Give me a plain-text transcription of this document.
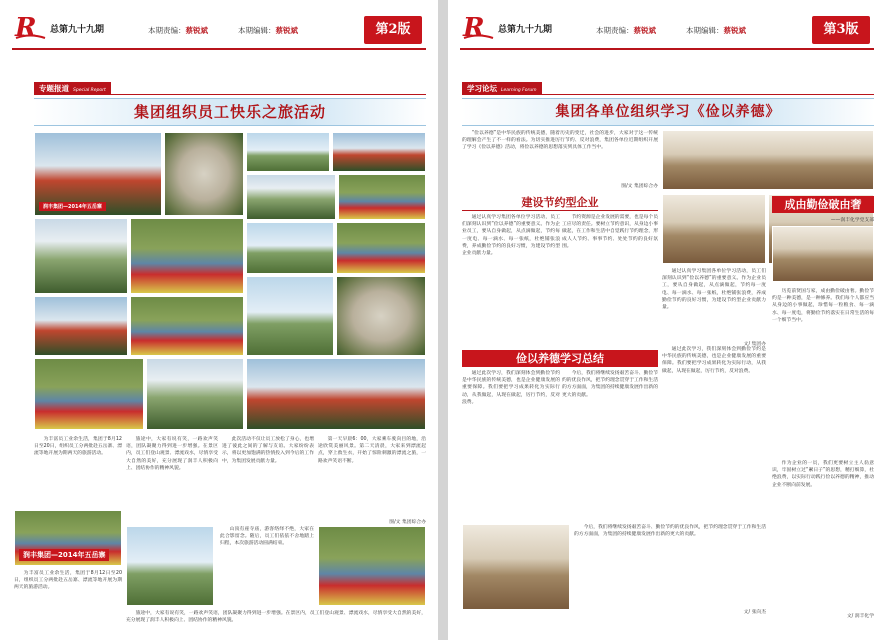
R 总第九十九期	本期责编：蔡锐斌	本期编辑：蔡锐斌	第2版
专题报道 Special Report
集团组织员工快乐之旅活动
润丰集团—2014年五岳寨

为丰富员工业余生活，集团于8月12日至20日，组织员工分两批赴五岳寨、漂流等地开展为期两天的旅游活动。

旅途中，大家有说有笑，一路欢声笑语，团队凝聚力得到进一步增强。在景区内，员工们登山观景、漂流戏水，尽情享受大自然的美好，充分展现了润丰人积极向上、团结协作的精神风貌。

此次活动不仅让员工放松了身心，也增进了彼此之间的了解与友谊。大家纷纷表示，将以更加饱满的热情投入到今后的工作中，为集团发展贡献力量。

第一天早晨6：00，大家乘车驶向目的地，沿途欣赏美丽风景。第二天清晨，大家来到漂流起点，穿上救生衣，开始了惊险刺激的漂流之旅，一路欢声笑语不断。

图/文 集团综合办
润丰集团—2014年五岳寨

山顶有座寺庙，游客络绎不绝，大家在此合影留念。随后，员工们依依不舍地踏上归程，本次旅游活动圆满结束。

为丰富员工业余生活，集团于8月12日至20日，组织员工分两批赴五岳寨、漂流等地开展为期两天的旅游活动。

旅途中，大家有说有笑，一路欢声笑语，团队凝聚力得到进一步增强。在景区内，员工们登山观景、漂流戏水，尽情享受大自然的美好，充分展现了润丰人积极向上、团结协作的精神风貌。

R 总第九十九期	本期责编：蔡锐斌	本期编辑：蔡锐斌	第3版
学习论坛 Learning Forum
集团各单位组织学习《俭以养德》

“俭以养德”是中华民族的传统美德，随着历史的变迁，社会的进步，大家对于这一传统的理解会产生了不一样的看法。为切实推进厉行节约、反对浪费，集团各单位近期组织开展了学习《俭以养德》活动，将俭以养德的思想落实到具体工作当中。

图/文 集团综合办
建设节约型企业

通过认真学习集团各单位学习活动，员工们深刻认识到“俭以养德”的重要意义。作为企业员工，要从自身做起，从点滴做起，节约每一度电、每一滴水、每一张纸，杜绝铺张浪费，养成勤俭节约的良好习惯，为建设节约型企业贡献力量。

节约资源是企业发展的需要，也是每个员工应尽的责任。要树立节约意识，从身边小事做起，在工作和生活中自觉践行节约理念，形成人人节约、事事节约、处处节约的良好氛围。

通过认真学习集团各单位学习活动，员工们深刻认识到“俭以养德”的重要意义。作为企业员工，要从自身做起，从点滴做起，节约每一度电、每一滴水、每一张纸，杜绝铺张浪费，养成勤俭节约的良好习惯，为建设节约型企业贡献力量。

文/ 集团办
俭以养德学习总结

通过此次学习，我们深刻体会到勤俭节约是中华民族的传统美德，也是企业健康发展的重要保障。我们要把学习成果转化为实际行动，从我做起，从现在做起，厉行节约，反对浪费。

今后，我们将继续发扬艰苦奋斗、勤俭节约的优良作风，把节约理念贯穿于工作和生活的方方面面，为集团的持续健康发展作出新的更大的贡献。

通过此次学习，我们深刻体会到勤俭节约是中华民族的传统美德，也是企业健康发展的重要保障。我们要把学习成果转化为实际行动，从我做起，从现在做起，厉行节约，反对浪费。

今后，我们将继续发扬艰苦奋斗、勤俭节约的优良作风，把节约理念贯穿于工作和生活的方方面面，为集团的持续健康发展作出新的更大的贡献。

文/ 张向杰
成由勤俭破由奢
——润丰化学党支部

历览前贤国与家，成由勤俭破由奢。勤俭节约是一种美德，是一种修养。我们每个人都应当从身边的小事做起，珍惜每一粒粮食、每一滴水、每一度电，将勤俭节约落实在日常生活的每一个细节当中。

作为企业的一员，我们更要树立主人翁意识，牢固树立过“紧日子”的思想，精打细算，杜绝浪费，以实际行动践行俭以养德的精神，推动企业不断向前发展。

文/ 润丰化学
